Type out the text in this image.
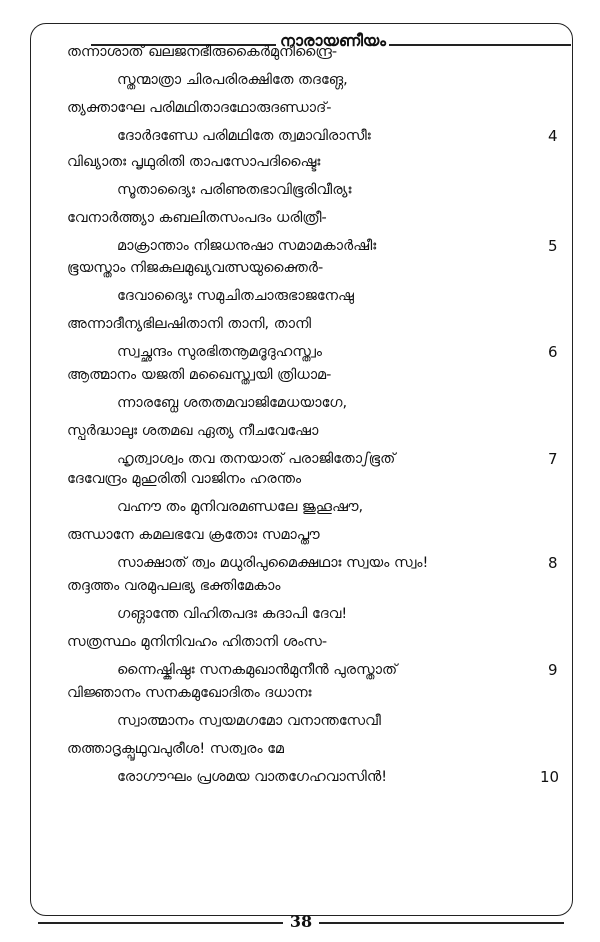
നാരായണീയം
തന്നാശാത് ഖലജനഭീരുകൈർമുനീന്ദ്രൈ-
സ്തന്മാത്രാ ചിരപരിരക്ഷിതേ തദങ്ഗേ,
ത്യക്താഘേ പരിമഥിതാദഥോരുദണ്ഡാദ്-
ദോർദണ്ഡേ പരിമഥിതേ ത്വമാവിരാസീഃ	4
വിഖ്യാതഃ പൃഥുരിതി താപസോപദിഷ്ടൈഃ
സൂതാദ്യൈഃ പരിണുതഭാവിഭൂരിവീര്യഃ
വേനാർത്ത്യാ കബലിതസംപദം ധരിത്രീ-
മാക്രാന്താം നിജധനുഷാ സമാമകാർഷീഃ	5
ഭൂയസ്താം നിജകുലമുഖ്യവത്സയുക്തൈർ-
ദേവാദ്യൈഃ സമുചിതചാരുഭാജനേഷു
അന്നാദീന്യഭിലഷിതാനി താനി, താനി
സ്വച്ഛന്ദം സുരഭിതനൂമദൂദുഹസ്ത്വം	6
ആത്മാനം യജതി മഖൈസ്ത്വയി ത്രിധാമ-
ന്നാരബ്ധേ ശതതമവാജിമേധയാഗേ,
സ്പർദ്ധാലുഃ ശതമഖ ഏത്യ നീചവേഷോ
ഹൃത്വാശ്വം തവ തനയാത് പരാജിതോഽഭൂത്	7
ദേവേന്ദ്രം മുഹുരിതി വാജിനം ഹരന്തം
വഹ്നൗ തം മുനിവരമണ്ഡലേ ജുഹൂഷൗ,
രുന്ധാനേ കമലഭവേ ക്രതോഃ സമാപ്തൗ
സാക്ഷാത് ത്വം മധുരിപുമൈക്ഷഥാഃ സ്വയം സ്വം!	8
തദ്ദത്തം വരമുപലഭ്യ ഭക്തിമേകാം
ഗങ്ഗാന്തേ വിഹിതപദഃ കദാപി ദേവ!
സത്രസ്ഥം മുനിനിവഹം ഹിതാനി ശംസ-
ന്നൈഷ്കിഷ്ഠഃ സനകമുഖാൻമുനീൻ പുരസ്താത്	9
വിജ്ഞാനം സനകമുഖോദിതം ദധാനഃ
സ്വാത്മാനം സ്വയമഗമോ വനാന്തസേവീ
തത്താദൃക്പൃഥുവപുരീശ! സത്വരം മേ
രോഗൗഘം പ്രശമയ വാതഗേഹവാസിൻ!	10
38
